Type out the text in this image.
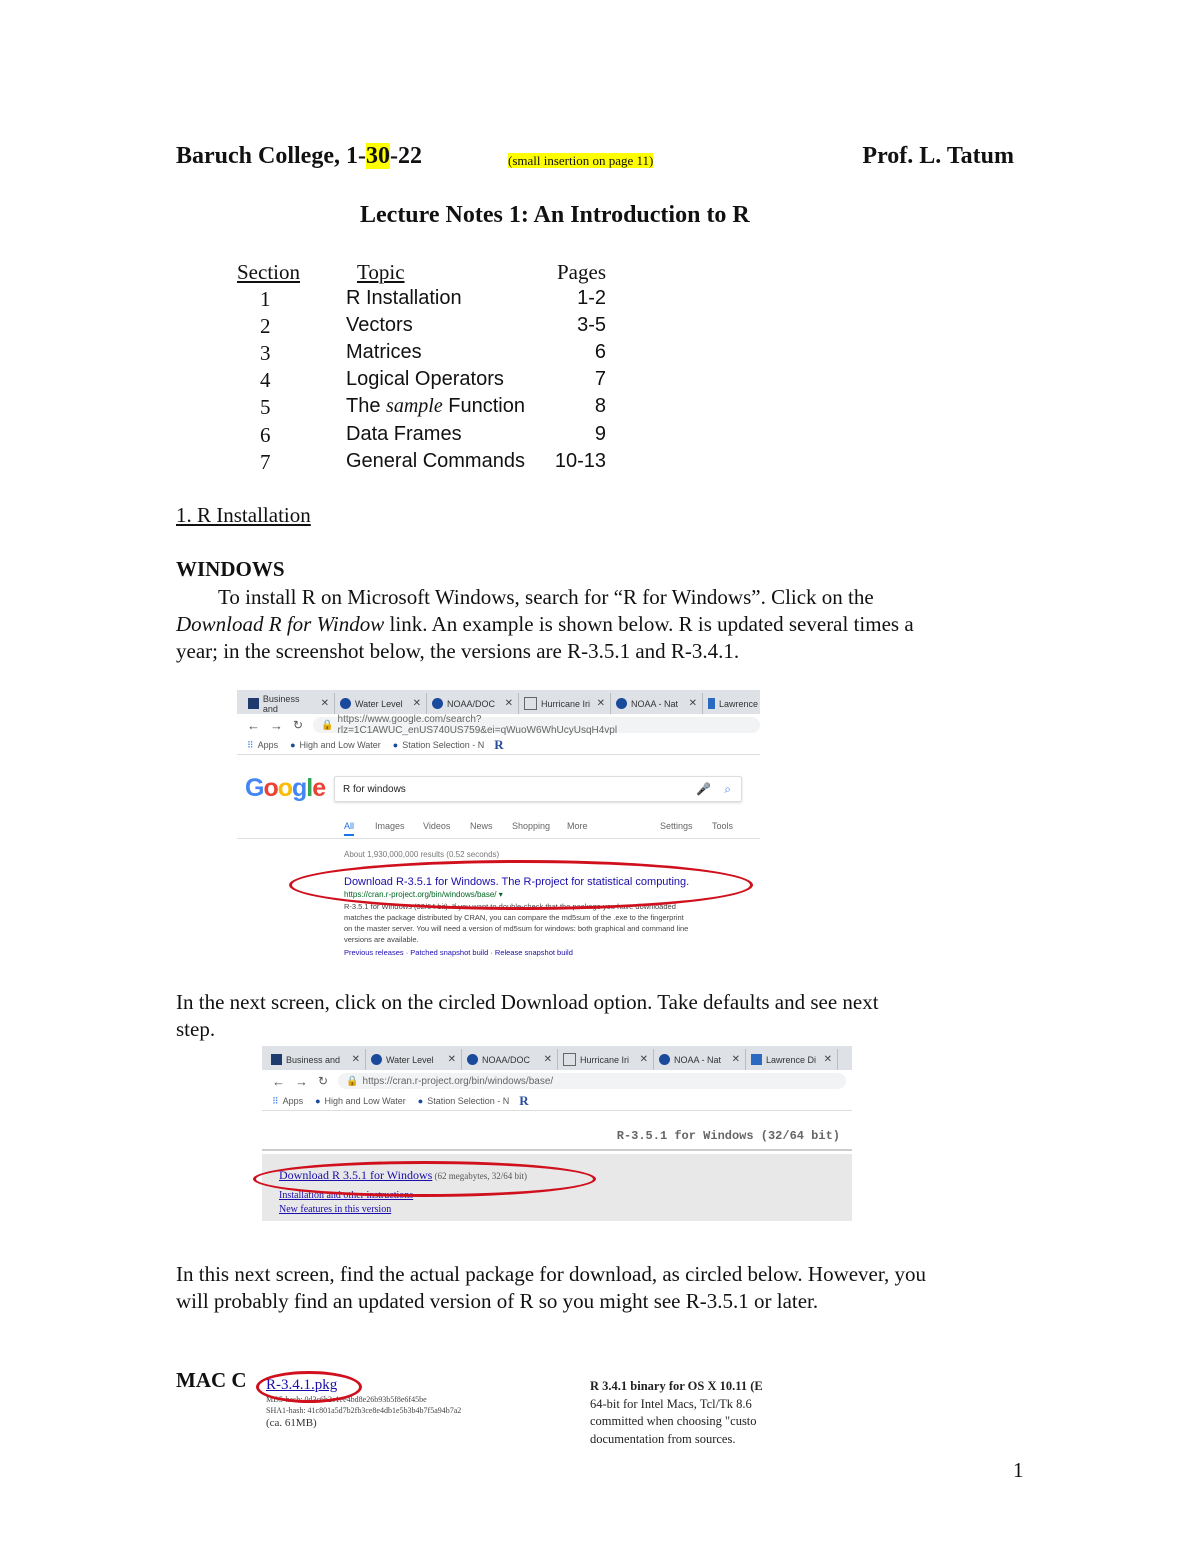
Baruch College, 1-30-22	(small insertion on page 11)	Prof. L. Tatum
Lecture Notes 1: An Introduction to R
Section	Topic	Pages
1	R Installation	1-2
2	Vectors	3-5
3	Matrices	6
4	Logical Operators	7
5	The sample Function	8
6	Data Frames	9
7	General Commands 10-13
1. R Installation
WINDOWS
To install R on Microsoft Windows, search for “R for Windows”. Click on the
Download R for Window link. An example is shown below. R is updated several times a
year; in the screenshot below, the versions are R-3.5.1 and R-3.4.1.
Business and	✕	Water Level ✕	NOAA/DOC ✕	Hurricane Iri ✕	NOAA - Nat ✕ Lawrence
← → ↻ 🔒 https://www.google.com/search?rlz=1C1AWUC_enUS740US759&ei=qWuoW6WhUcyUsqH4vpl
⠿ Apps ● High and Low Water ● Station Selection - N R
Google R for windows	🎤 ⌕
All Images Videos News Shopping More	Settings Tools
About 1,930,000,000 results (0.52 seconds)
Download R-3.5.1 for Windows. The R-project for statistical computing.
https://cran.r-project.org/bin/windows/base/ ▾
R-3.5.1 for Windows (32/64 bit). If you want to double-check that the package you have downloaded
matches the package distributed by CRAN, you can compare the md5sum of the .exe to the fingerprint
on the master server. You will need a version of md5sum for windows: both graphical and command line
versions are available.
Previous releases · Patched snapshot build · Release snapshot build
In the next screen, click on the circled Download option. Take defaults and see next
step.
Business and ✕	Water Level ✕	NOAA/DOC ✕	Hurricane Iri ✕	NOAA - Nat ✕	Lawrence Di ✕
← → ↻ 🔒 https://cran.r-project.org/bin/windows/base/
⠿ Apps ● High and Low Water ● Station Selection - N R
R-3.5.1 for Windows (32/64 bit)
Download R 3.5.1 for Windows (62 megabytes, 32/64 bit)
Installation and other instructions
New features in this version
In this next screen, find the actual package for download, as circled below. However, you
will probably find an updated version of R so you might see R-3.5.1 or later.
MAC C R-3.4.1.pkg
MD5-hash: 0d3c6b2c1ee4bd8e26b93b5f8e6f45be
SHA1-hash: 41c801a5d7b2fb3ce8e4db1e5b3b4b7f5a94b7a2
(ca. 61MB)
R 3.4.1 binary for OS X 10.11 (E
64-bit for Intel Macs, Tcl/Tk 8.6
committed when choosing "custo
documentation from sources.
1
